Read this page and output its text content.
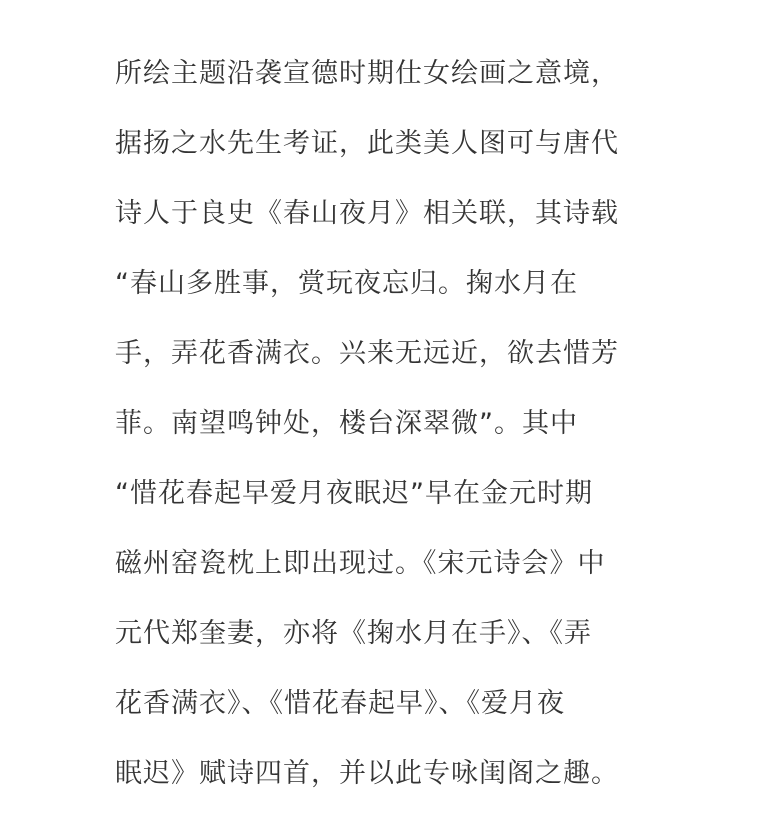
所绘主题沿袭宣德时期仕女绘画之意境，
据扬之水先生考证，此类美人图可与唐代
诗人于良史《春山夜月》相关联，其诗载
“春山多胜事，赏玩夜忘归。掬水月在
手，弄花香满衣。兴来无远近，欲去惜芳
菲。南望鸣钟处，楼台深翠微”。其中
“惜花春起早爱月夜眠迟”早在金元时期
磁州窑瓷枕上即出现过。《宋元诗会》中
元代郑奎妻，亦将《掬水月在手》、《弄
花香满衣》、《惜花春起早》、《爱月夜
眠迟》赋诗四首，并以此专咏闺阁之趣。
